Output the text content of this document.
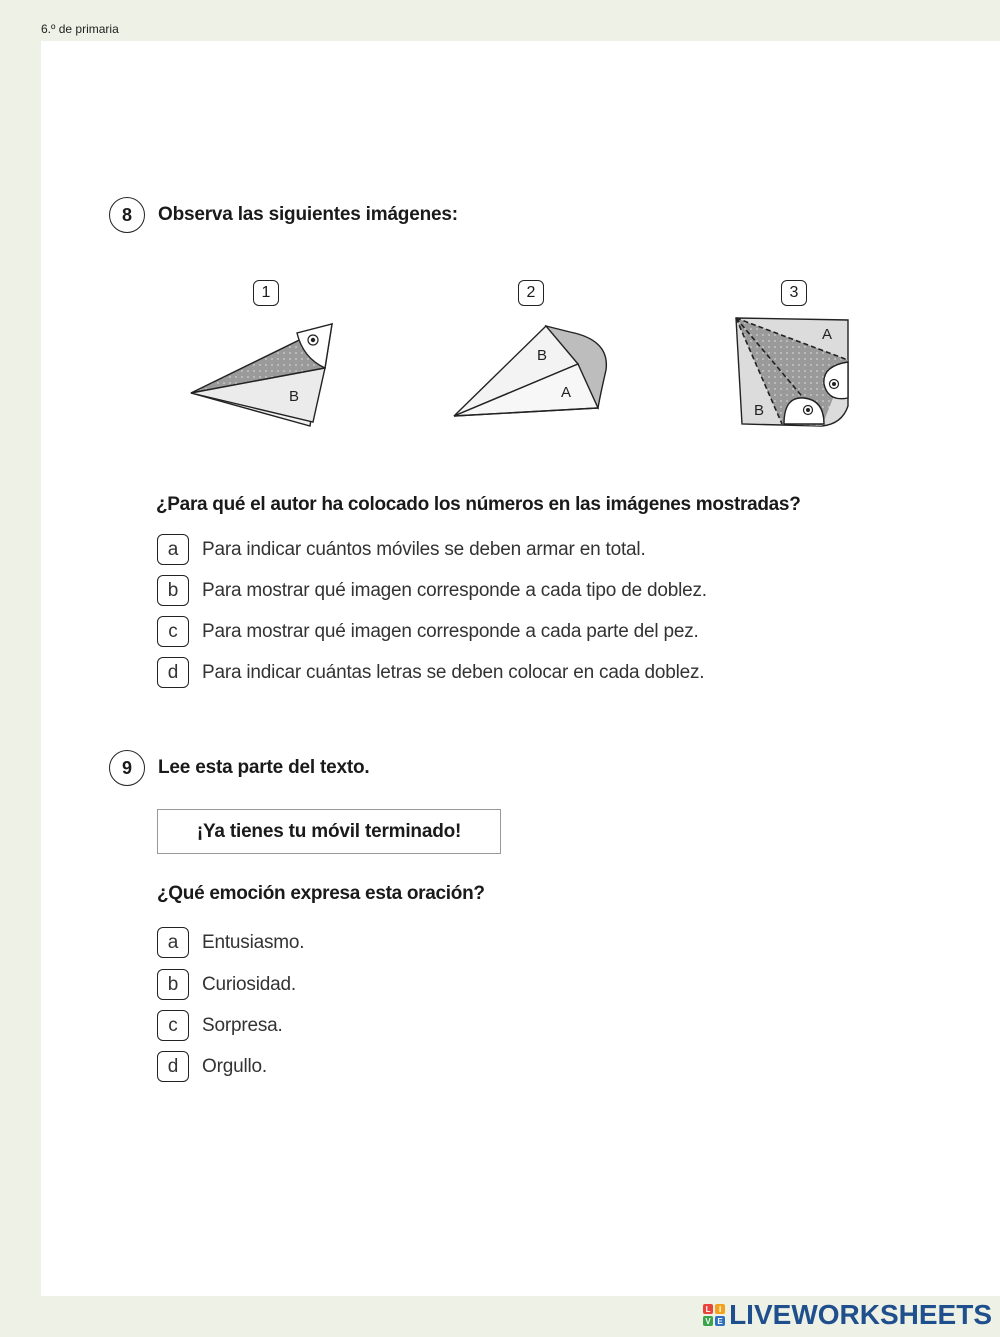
6.º de primaria
8	Observa las siguientes imágenes:
1
B
2
B
A
3
A
B
¿Para qué el autor ha colocado los números en las imágenes mostradas?
a	Para indicar cuántos móviles se deben armar en total.
b	Para mostrar qué imagen corresponde a cada tipo de doblez.
c	Para mostrar qué imagen corresponde a cada parte del pez.
d	Para indicar cuántas letras se deben colocar en cada doblez.
9	Lee esta parte del texto.
¡Ya tienes tu móvil terminado!
¿Qué emoción expresa esta oración?
a	Entusiasmo.
b	Curiosidad.
c	Sorpresa.
d	Orgullo.
L	I
V E LIVEWORKSHEETS
